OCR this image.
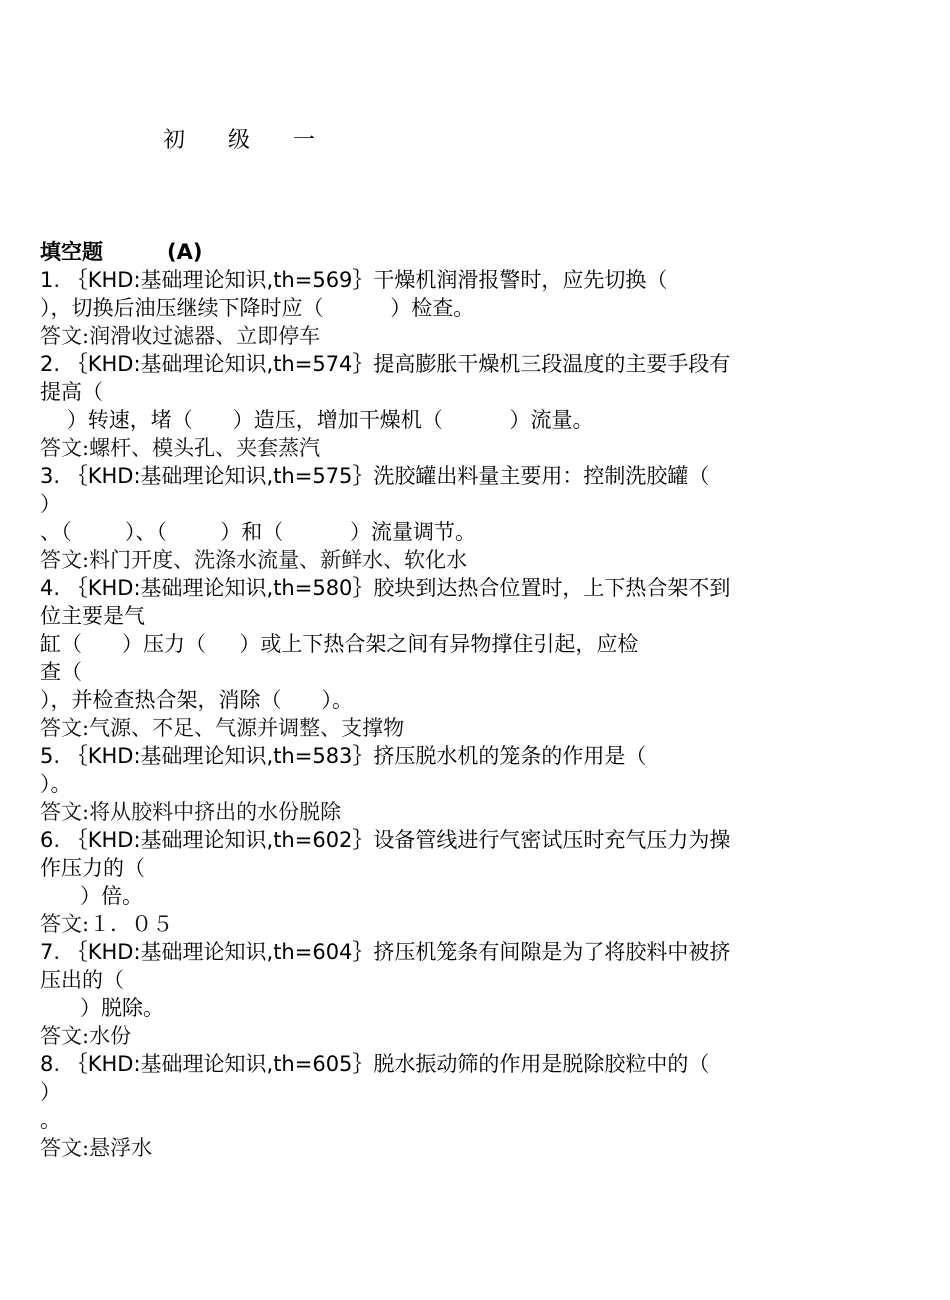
初 级 一
填空题	(A)
1. ｛KHD:基础理论知识,th=569｝干燥机润滑报警时，应先切换（
），切换后油压继续下降时应（          ）检查。
答文:润滑收过滤器、立即停车
2. ｛KHD:基础理论知识,th=574｝提高膨胀干燥机三段温度的主要手段有
提高（
）转速，堵（      ）造压，增加干燥机（          ）流量。
答文:螺杆、模头孔、夹套蒸汽
3. ｛KHD:基础理论知识,th=575｝洗胶罐出料量主要用：控制洗胶罐（
）
、（        ）、（        ）和（          ）流量调节。
答文:料门开度、洗涤水流量、新鲜水、软化水
4. ｛KHD:基础理论知识,th=580｝胶块到达热合位置时，上下热合架不到
位主要是气
缸（      ）压力（     ）或上下热合架之间有异物撑住引起，应检
查（
），并检查热合架，消除（      ）。
答文:气源、不足、气源并调整、支撑物
5. ｛KHD:基础理论知识,th=583｝挤压脱水机的笼条的作用是（
）。
答文:将从胶料中挤出的水份脱除
6. ｛KHD:基础理论知识,th=602｝设备管线进行气密试压时充气压力为操
作压力的（
）倍。
答文:１．０５
7. ｛KHD:基础理论知识,th=604｝挤压机笼条有间隙是为了将胶料中被挤
压出的（
）脱除。
答文:水份
8. ｛KHD:基础理论知识,th=605｝脱水振动筛的作用是脱除胶粒中的（
）
。
答文:悬浮水
